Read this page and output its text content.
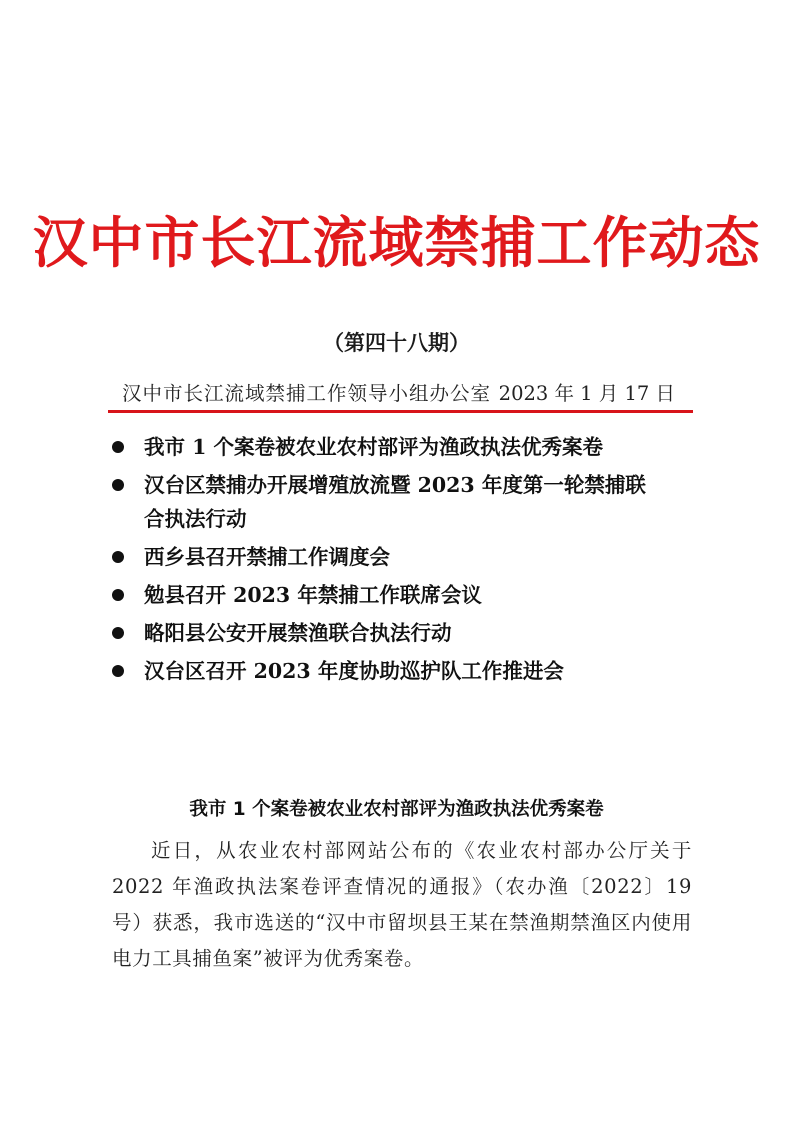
汉中市长江流域禁捕工作动态
（第四十八期）
汉中市长江流域禁捕工作领导小组办公室 2023 年 1 月 17 日
我市 1 个案卷被农业农村部评为渔政执法优秀案卷
汉台区禁捕办开展增殖放流暨 2023 年度第一轮禁捕联合执法行动
西乡县召开禁捕工作调度会
勉县召开 2023 年禁捕工作联席会议
略阳县公安开展禁渔联合执法行动
汉台区召开 2023 年度协助巡护队工作推进会
我市 1 个案卷被农业农村部评为渔政执法优秀案卷

近日，从农业农村部网站公布的《农业农村部办公厅关于 2022 年渔政执法案卷评查情况的通报》（农办渔〔2022〕19 号）获悉，我市选送的“汉中市留坝县王某在禁渔期禁渔区内使用电力工具捕鱼案”被评为优秀案卷。
